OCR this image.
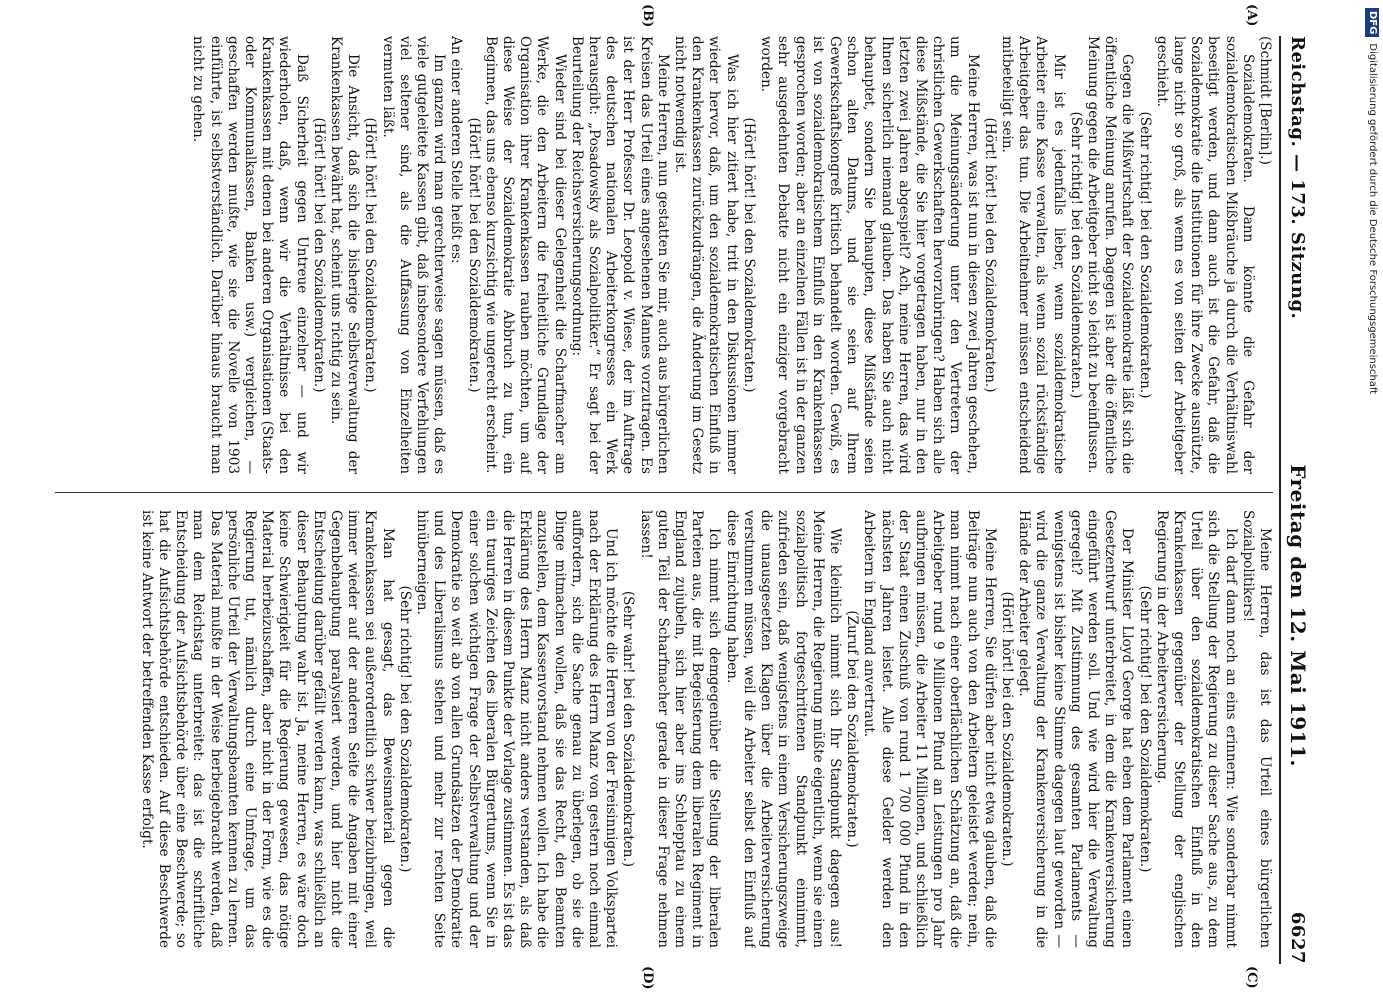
Reichstag. — 173. Sitzung.
Freitag den 12. Mai 1911.
6627
(A)
(B)
(C)
(D)

(Schmidt [Berlin].)

Sozialdemokraten. Dann könnte die Gefahr der sozialdemokratischen Mißbräuche ja durch die Verhältniswahl beseitigt werden, und dann auch ist die Gefahr, daß die Sozialdemokratie die Institutionen für ihre Zwecke ausnützte, lange nicht so groß, als wenn es von seiten der Arbeitgeber geschieht.

(Sehr richtig! bei den Sozialdemokraten.)

Gegen die Mißwirtschaft der Sozialdemokratie läßt sich die öffentliche Meinung anrufen. Dagegen ist aber die öffentliche Meinung gegen die Arbeitgeber nicht so leicht zu beeinflussen.

(Sehr richtig! bei den Sozialdemokraten.)

Mir ist es jedenfalls lieber, wenn sozialdemokratische Arbeiter eine Kasse verwalten, als wenn sozial rückständige Arbeitgeber das tun. Die Arbeitnehmer müssen entscheidend mitbeteiligt sein.

(Hört! hört! bei den Sozialdemokraten.)

Meine Herren, was ist nun in diesen zwei Jahren geschehen, um die Meinungsänderung unter den Vertretern der christlichen Gewerkschaften hervorzubringen? Haben sich alle diese Mißstände, die Sie hier vorgetragen haben, nur in den letzten zwei Jahren abgespielt? Ach, meine Herren, das wird Ihnen sicherlich niemand glauben. Das haben Sie auch nicht behauptet, sondern Sie behaupten, diese Mißstände seien schon alten Datums, und sie seien auf Ihrem Gewerkschaftskongreß kritisch behandelt worden. Gewiß, es ist von sozialdemokratischem Einfluß in den Krankenkassen gesprochen worden; aber an einzelnen Fällen ist in der ganzen sehr ausgedehnten Debatte nicht ein einziger vorgebracht worden.

(Hört! hört! bei den Sozialdemokraten.)

Was ich hier zitiert habe, tritt in den Diskussionen immer wieder hervor, daß, um den sozialdemokratischen Einfluß in den Krankenkassen zurückzudrängen, die Änderung im Gesetz nicht notwendig ist.

Meine Herren, nun gestatten Sie mir, auch aus bürgerlichen Kreisen das Urteil eines angesehenen Mannes vorzutragen. Es ist der Herr Professor Dr. Leopold v. Wiese, der im Auftrage des deutschen nationalen Arbeiterkongresses ein Werk herausgibt: „Posadowsky als Sozialpolitiker.“ Er sagt bei der Beurteilung der Reichsversicherungsordnung:

Wieder sind bei dieser Gelegenheit die Scharfmacher am Werke, die den Arbeitern die freiheitliche Grundlage der Organisation ihrer Krankenkassen rauben möchten, um auf diese Weise der Sozialdemokratie Abbruch zu tun, ein Beginnen, das uns ebenso kurzsichtig wie ungerecht erscheint.

(Hört! hört! bei den Sozialdemokraten.)

An einer anderen Stelle heißt es:

Im ganzen wird man gerechterweise sagen müssen, daß es viele gutgeleitete Kassen gibt, daß insbesondere Verfehlungen viel seltener sind, als die Auffassung von Einzelheiten vermuten läßt.

(Hört! hört! bei den Sozialdemokraten.)

Die Ansicht, daß sich die bisherige Selbstverwaltung der Krankenkassen bewährt hat, scheint uns richtig zu sein.

(Hört! hört! bei den Sozialdemokraten.)

Daß Sicherheit gegen Untreue einzelner — und wir wiederholen, daß, wenn wir die Verhältnisse bei den Krankenkassen mit denen bei anderen Organisationen (Staats- oder Kommunalkassen, Banken usw.) vergleichen, — geschaffen werden mußte, wie sie die Novelle von 1903 einführte, ist selbstverständlich. Darüber hinaus braucht man nicht zu gehen.

Meine Herren, das ist das Urteil eines bürgerlichen Sozialpolitikers!

Ich darf dann noch an eins erinnern: Wie sonderbar nimmt sich die Stellung der Regierung zu dieser Sache aus, zu dem Urteil über den sozialdemokratischen Einfluß in den Krankenkassen gegenüber der Stellung der englischen Regierung in der Arbeiterversicherung.

(Sehr richtig! bei den Sozialdemokraten.)

Der Minister Lloyd George hat eben dem Parlament einen Gesetzentwurf unterbreitet, in dem die Krankenversicherung eingeführt werden soll. Und wie wird hier die Verwaltung geregelt? Mit Zustimmung des gesamten Parlaments — wenigstens ist bisher keine Stimme dagegen laut geworden — wird die ganze Verwaltung der Krankenversicherung in die Hände der Arbeiter gelegt.

(Hört! hört! bei den Sozialdemokraten.)

Meine Herren, Sie dürfen aber nicht etwa glauben, daß die Beiträge nun auch von den Arbeitern geleistet werden; nein, man nimmt nach einer oberflächlichen Schätzung an, daß die Arbeitgeber rund 9 Millionen Pfund an Leistungen pro Jahr aufbringen müssen, die Arbeiter 11 Millionen, und schließlich der Staat einen Zuschuß von rund 1 700 000 Pfund in den nächsten Jahren leistet. Alle diese Gelder werden den Arbeitern in England anvertraut.

(Zuruf bei den Sozialdemokraten.)

Wie kleinlich nimmt sich Ihr Standpunkt dagegen aus! Meine Herren, die Regierung müßte eigentlich, wenn sie einen sozialpolitisch fortgeschrittenen Standpunkt einnimmt, zufrieden sein, daß wenigstens in einem Versicherungszweige die unausgesetzten Klagen über die Arbeiterversicherung verstummen müssen, weil die Arbeiter selbst den Einfluß auf diese Einrichtung haben.

Ich nimmt sich demgegenüber die Stellung der liberalen Parteien aus, die mit Begeisterung dem liberalen Regiment in England zujubeln, sich hier aber ins Schlepptau zu einem guten Teil der Scharfmacher gerade in dieser Frage nehmen lassen!

(Sehr wahr! bei den Sozialdemokraten.)

Und ich möchte die Herren von der Freisinnigen Volkspartei nach der Erklärung des Herrn Manz von gestern noch einmal auffordern, sich die Sache genau zu überlegen, ob sie die Dinge mitmachen wollen, daß sie das Recht, den Beamten anzustellen, dem Kassenvorstand nehmen wollen. Ich habe die Erklärung des Herrn Manz nicht anders verstanden, als daß die Herren in diesem Punkte der Vorlage zustimmen. Es ist das ein trauriges Zeichen des liberalen Bürgertums, wenn Sie in einer solchen wichtigen Frage der Selbstverwaltung und der Demokratie so weit ab von allen Grundsätzen der Demokratie und des Liberalismus stehen und mehr zur rechten Seite hinüberneigen.

(Sehr richtig! bei den Sozialdemokraten.)

Man hat gesagt, das Beweismaterial gegen die Krankenkassen sei außerordentlich schwer beizubringen, weil immer wieder auf der anderen Seite die Angaben mit einer Gegenbehauptung paralysiert werden, und hier nicht die Entscheidung darüber gefällt werden kann, was schließlich an dieser Behauptung wahr ist. Ja, meine Herren, es wäre doch keine Schwierigkeit für die Regierung gewesen, das nötige Material herbeizuschaffen, aber nicht in der Form, wie es die Regierung tut, nämlich durch eine Umfrage, um das persönliche Urteil der Verwaltungsbeamten kennen zu lernen. Das Material mußte in der Weise herbeigebracht werden, daß man dem Reichstag unterbreitet: das ist die schriftliche Entscheidung der Aufsichtsbehörde über eine Beschwerde; so hat die Aufsichtsbehörde entschieden. Auf diese Beschwerde ist keine Antwort der betreffenden Kasse erfolgt.

DFGDigitalisierung gefördert durch die Deutsche Forschungsgemeinschaft
